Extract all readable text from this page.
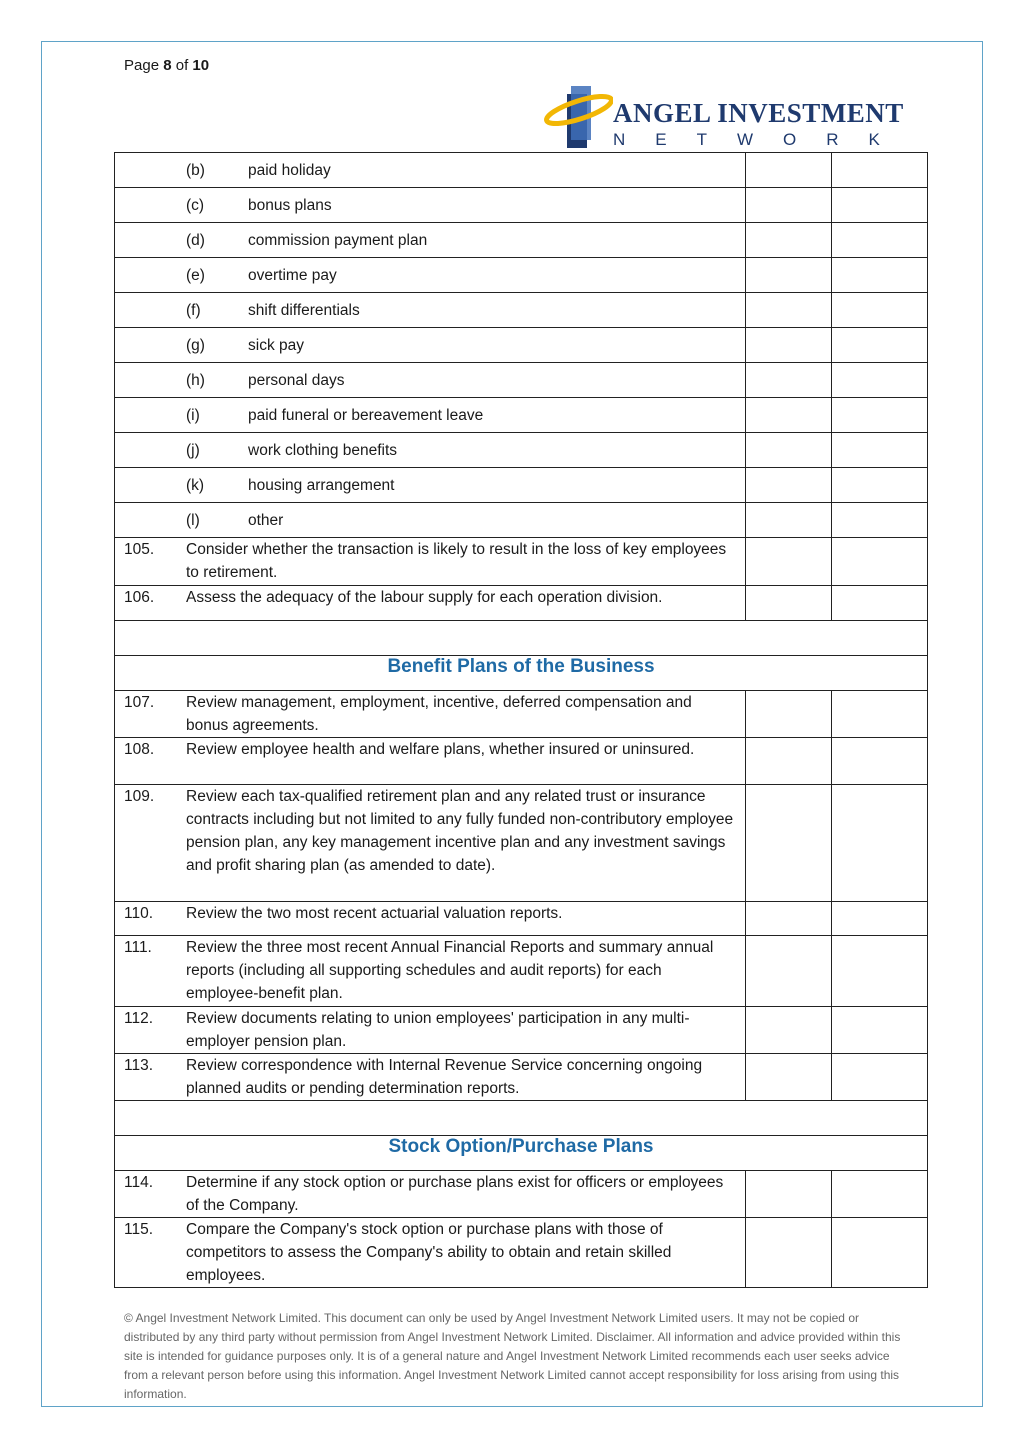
Page 8 of 10
ANGEL INVESTMENT
NETWORK
(b) paid holiday		

(c) bonus plans		

(d) commission payment plan		

(e) overtime pay		

(f) shift differentials		

(g) sick pay		

(h) personal days		

(i) paid funeral or bereavement leave		

(j) work clothing benefits		

(k) housing arrangement		

(l) other		

105. Consider whether the transaction is likely to result in the loss of key employees to retirement.		

106. Assess the adequacy of the labour supply for each operation division.		

Benefit Plans of the Business		

107. Review management, employment, incentive, deferred compensation and bonus agreements.		

108. Review employee health and welfare plans, whether insured or uninsured.		

109. Review each tax-qualified retirement plan and any related trust or insurance contracts including but not limited to any fully funded non-contributory employee pension plan, any key management incentive plan and any investment savings and profit sharing plan (as amended to date).		

110. Review the two most recent actuarial valuation reports.		

111. Review the three most recent Annual Financial Reports and summary annual reports (including all supporting schedules and audit reports) for each employee-benefit plan.		

112. Review documents relating to union employees' participation in any multi-employer pension plan.		

113. Review correspondence with Internal Revenue Service concerning ongoing planned audits or pending determination reports.		

Stock Option/Purchase Plans		

114. Determine if any stock option or purchase plans exist for officers or employees of the Company.		

115. Compare the Company's stock option or purchase plans with those of competitors to assess the Company's ability to obtain and retain skilled employees.		

© Angel Investment Network Limited. This document can only be used by Angel Investment Network Limited users. It may not be copied or distributed by any third party without permission from Angel Investment Network Limited. Disclaimer. All information and advice provided within this site is intended for guidance purposes only. It is of a general nature and Angel Investment Network Limited recommends each user seeks advice from a relevant person before using this information. Angel Investment Network Limited cannot accept responsibility for loss arising from using this information.
